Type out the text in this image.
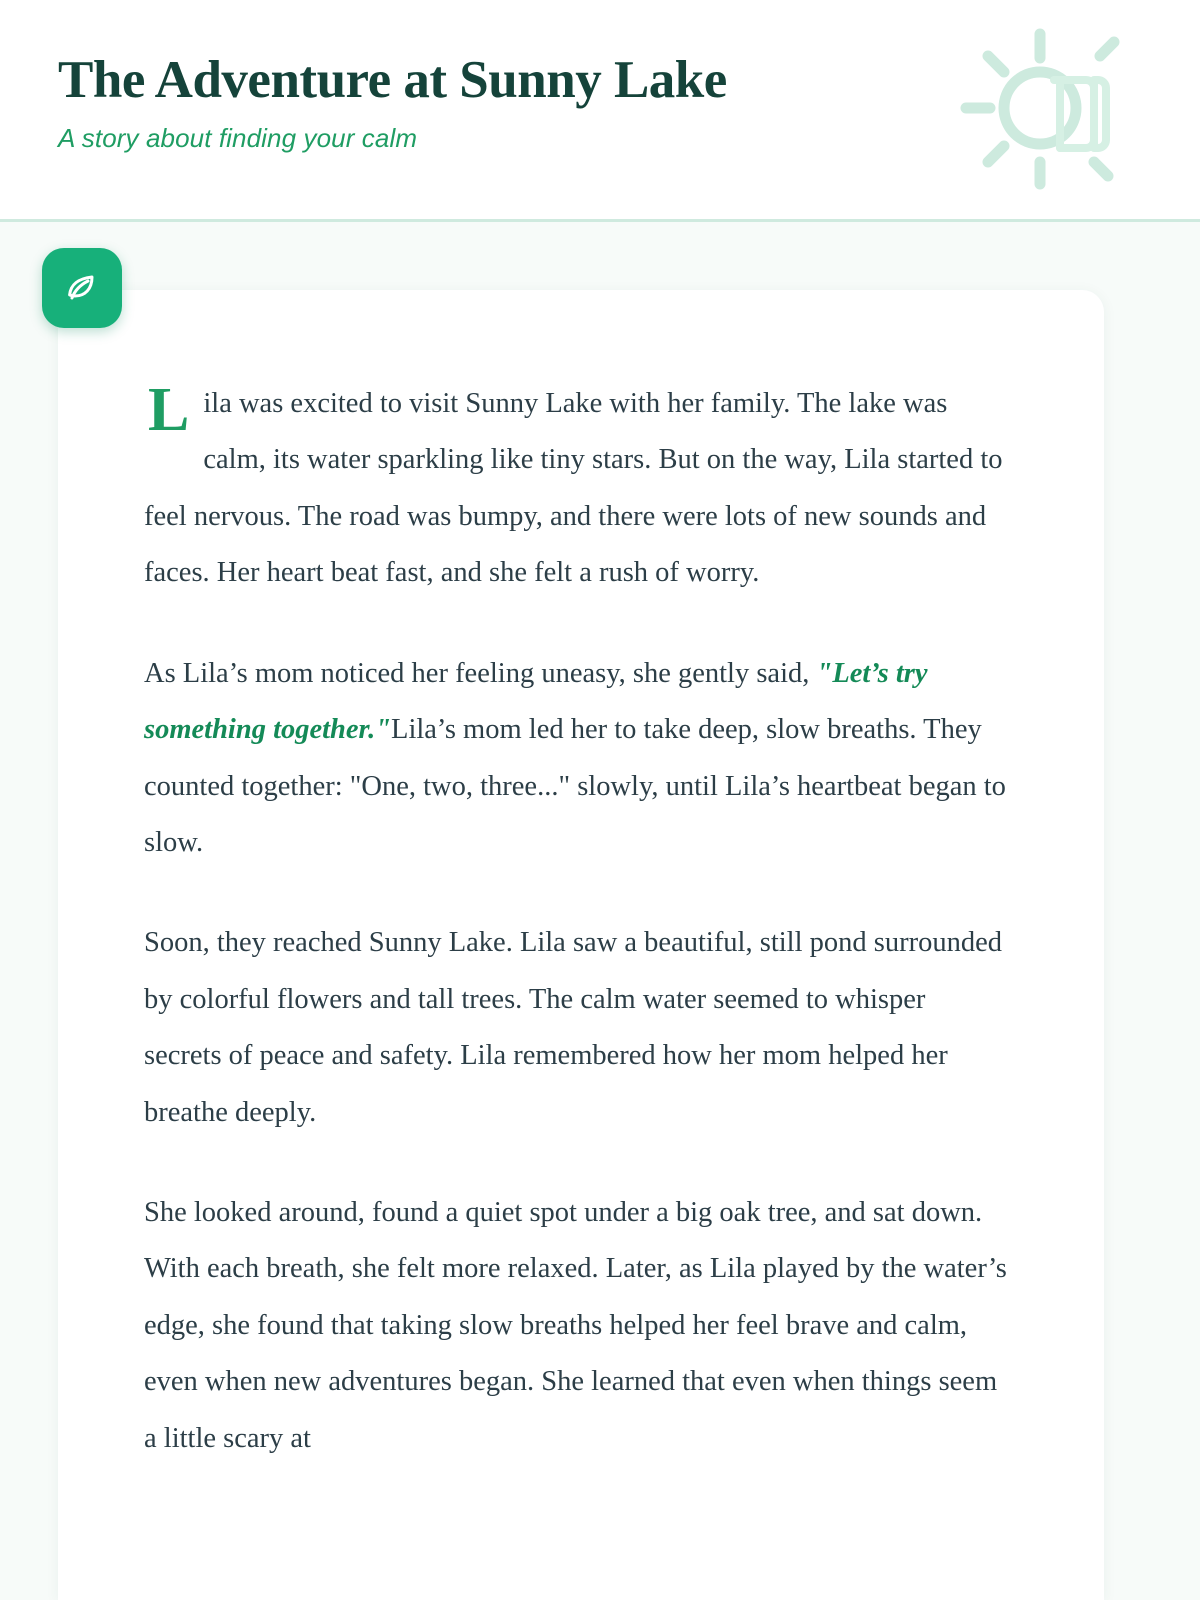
The Adventure at Sunny Lake
A story about finding your calm

Lila was excited to visit Sunny Lake with her family. The lake was calm, its water sparkling like tiny stars. But on the way, Lila started to feel nervous. The road was bumpy, and there were lots of new sounds and faces. Her heart beat fast, and she felt a rush of worry.

As Lila’s mom noticed her feeling uneasy, she gently said, "Let’s try something together."Lila’s mom led her to take deep, slow breaths. They counted together: "One, two, three..." slowly, until Lila’s heartbeat began to slow.

Soon, they reached Sunny Lake. Lila saw a beautiful, still pond surrounded by colorful flowers and tall trees. The calm water seemed to whisper secrets of peace and safety. Lila remembered how her mom helped her breathe deeply.

She looked around, found a quiet spot under a big oak tree, and sat down. With each breath, she felt more relaxed. Later, as Lila played by the water’s edge, she found that taking slow breaths helped her feel brave and calm, even when new adventures began. She learned that even when things seem a little scary at
